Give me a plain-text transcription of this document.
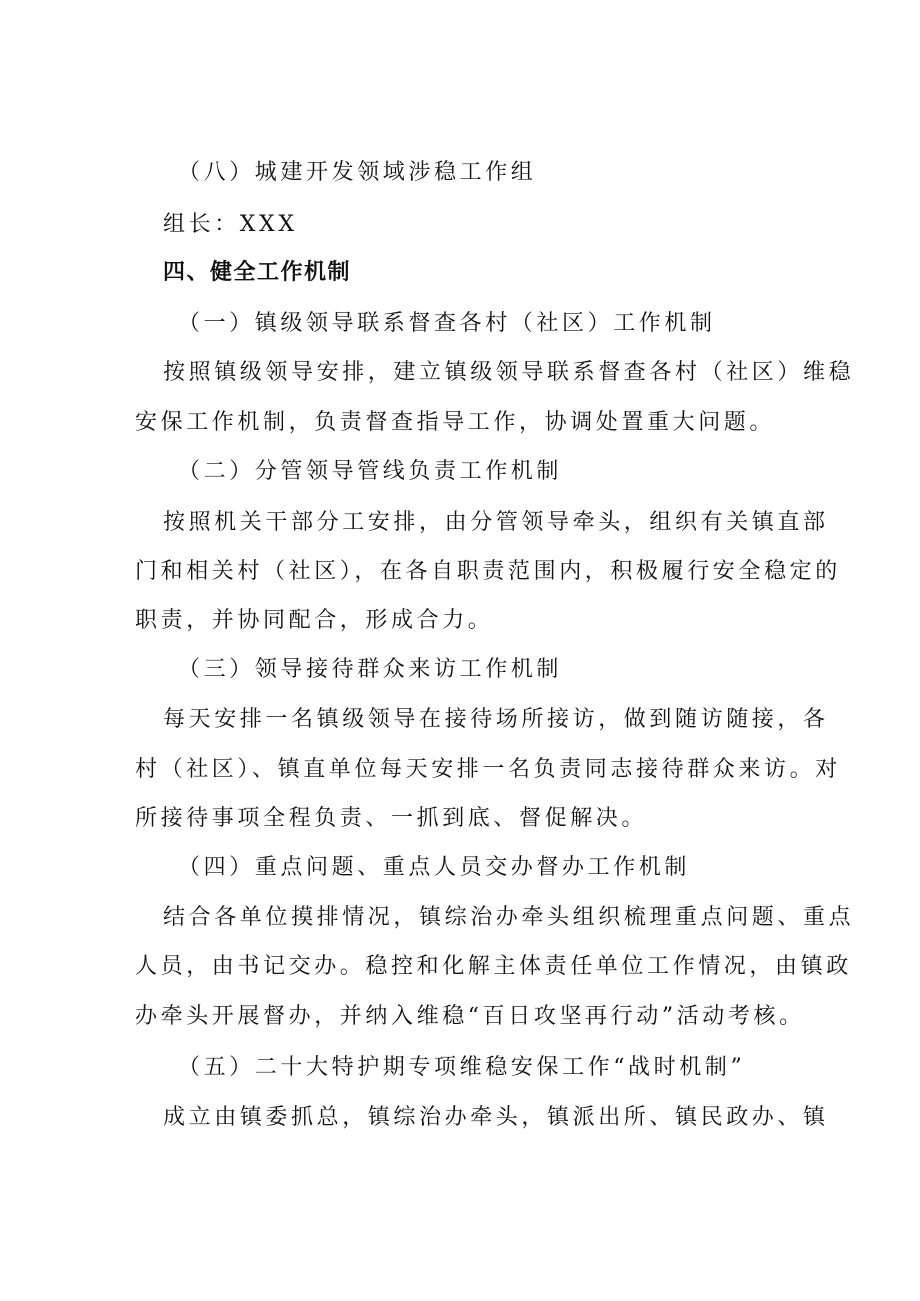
（八）城建开发领域涉稳工作组
组长：XXX
四、健全工作机制
（一）镇级领导联系督查各村（社区）工作机制
按照镇级领导安排，建立镇级领导联系督查各村（社区）维稳
安保工作机制，负责督查指导工作，协调处置重大问题。
（二）分管领导管线负责工作机制
按照机关干部分工安排，由分管领导牵头，组织有关镇直部
门和相关村（社区），在各自职责范围内，积极履行安全稳定的
职责，并协同配合，形成合力。
（三）领导接待群众来访工作机制
每天安排一名镇级领导在接待场所接访，做到随访随接，各
村（社区）、镇直单位每天安排一名负责同志接待群众来访。对
所接待事项全程负责、一抓到底、督促解决。
（四）重点问题、重点人员交办督办工作机制
结合各单位摸排情况，镇综治办牵头组织梳理重点问题、重点
人员，由书记交办。稳控和化解主体责任单位工作情况，由镇政
办牵头开展督办，并纳入维稳“百日攻坚再行动”活动考核。
（五）二十大特护期专项维稳安保工作“战时机制”
成立由镇委抓总，镇综治办牵头，镇派出所、镇民政办、镇
